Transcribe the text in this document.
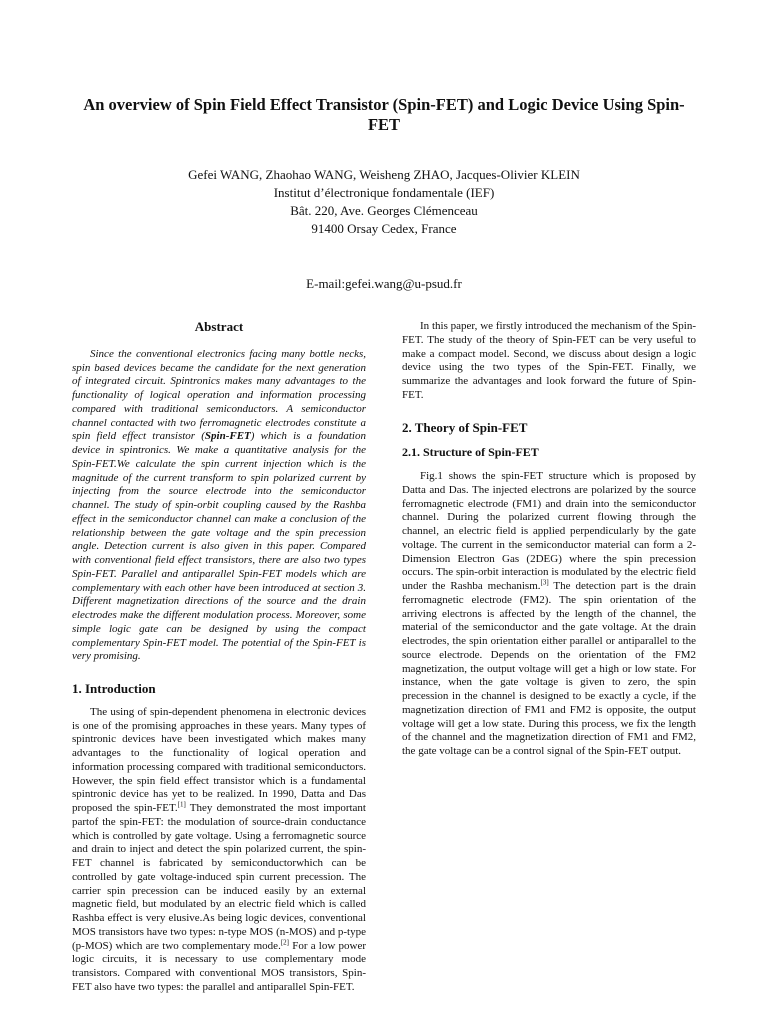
An overview of Spin Field Effect Transistor (Spin-FET) and Logic Device Using Spin-FET
Gefei WANG, Zhaohao WANG, Weisheng ZHAO, Jacques-Olivier KLEIN
Institut d’électronique fondamentale (IEF)
Bât. 220, Ave. Georges Clémenceau
91400 Orsay Cedex, France
E-mail:gefei.wang@u-psud.fr
Abstract

Since the conventional electronics facing many bottle necks, spin based devices became the candidate for the next generation of integrated circuit. Spintronics makes many advantages to the functionality of logical operation and information processing compared with traditional semiconductors. A semiconductor channel contacted with two ferromagnetic electrodes constitute a spin field effect transistor (Spin-FET) which is a foundation device in spintronics. We make a quantitative analysis for the Spin-FET.We calculate the spin current injection which is the magnitude of the current transform to spin polarized current by injecting from the source electrode into the semiconductor channel. The study of spin-orbit coupling caused by the Rashba effect in the semiconductor channel can make a conclusion of the relationship between the gate voltage and the spin precession angle. Detection current is also given in this paper. Compared with conventional field effect transistors, there are also two types Spin-FET. Parallel and antiparallel Spin-FET models which are complementary with each other have been introduced at section 3. Different magnetization directions of the source and the drain electrodes make the different modulation process. Moreover, some simple logic gate can be designed by using the compact complementary Spin-FET model. The potential of the Spin-FET is very promising.

1. Introduction

The using of spin-dependent phenomena in electronic devices is one of the promising approaches in these years. Many types of spintronic devices have been investigated which makes many advantages to the functionality of logical operation and information processing compared with traditional semiconductors. However, the spin field effect transistor which is a fundamental spintronic device has yet to be realized. In 1990, Datta and Das proposed the spin-FET.[1] They demonstrated the most important partof the spin-FET: the modulation of source-drain conductance which is controlled by gate voltage. Using a ferromagnetic source and drain to inject and detect the spin polarized current, the spin-FET channel is fabricated by semiconductorwhich can be controlled by gate voltage-induced spin current precession. The carrier spin precession can be induced easily by an external magnetic field, but modulated by an electric field which is called Rashba effect is very elusive.As being logic devices, conventional MOS transistors have two types: n-type MOS (n-MOS) and p-type (p-MOS) which are two complementary mode.[2] For a low power logic circuits, it is necessary to use complementary mode transistors. Compared with conventional MOS transistors, Spin-FET also have two types: the parallel and antiparallel Spin-FET.

In this paper, we firstly introduced the mechanism of the Spin-FET. The study of the theory of Spin-FET can be very useful to make a compact model. Second, we discuss about design a logic device using the two types of the Spin-FET. Finally, we summarize the advantages and look forward the future of Spin-FET.

2. Theory of Spin-FET
2.1. Structure of Spin-FET

Fig.1 shows the spin-FET structure which is proposed by Datta and Das. The injected electrons are polarized by the source ferromagnetic electrode (FM1) and drain into the semiconductor channel. During the polarized current flowing through the channel, an electric field is applied perpendicularly by the gate voltage. The current in the semiconductor material can form a 2-Dimension Electron Gas (2DEG) where the spin precession occurs. The spin-orbit interaction is modulated by the electric field under the Rashba mechanism.[3] The detection part is the drain ferromagnetic electrode (FM2). The spin orientation of the arriving electrons is affected by the length of the channel, the material of the semiconductor and the gate voltage. At the drain electrodes, the spin orientation either parallel or antiparallel to the source electrode. Depends on the orientation of the FM2 magnetization, the output voltage will get a high or low state. For instance, when the gate voltage is given to zero, the spin precession in the channel is designed to be exactly a cycle, if the magnetization direction of FM1 and FM2 is opposite, the output voltage will get a low state. During this process, we fix the length of the channel and the magnetization direction of FM1 and FM2, the gate voltage can be a control signal of the Spin-FET output.
